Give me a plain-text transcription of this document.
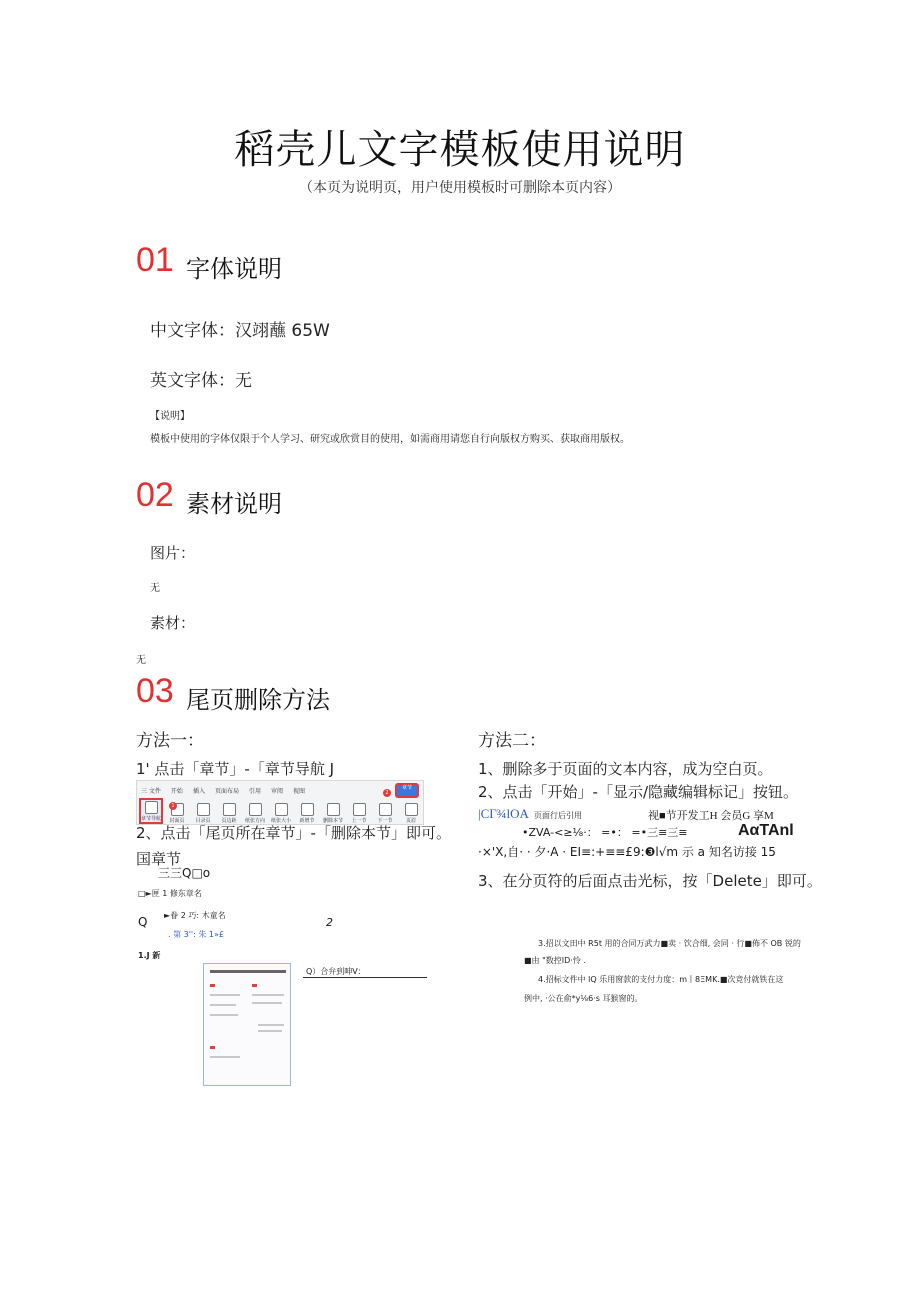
稻壳儿文字模板使用说明
（本页为说明页，用户使用模板时可删除本页内容）
01 字体说明
中文字体：汉翊蘸 65W
英文字体：无
【说明】
模板中使用的字体仅限于个人学习、研究或欣赏目的使用，如需商用请您自行向版权方购买、获取商用版权。
02 素材说明
图片：
无
素材：
无
03 尾页删除方法
方法一：
1' 点击「章节」-「章节导航 J
三 文件 开始 插入 页面布局 引用 审阅 视图	章节
章节导航 封面页 目录页 页边距 纸张方向 纸张大小 新增节 删除本节 上一节 下一节	页眉
1
2
2、点击「尾页所在章节」-「删除本节」即可。
国章节
三三Q□o
□►匣 1 修东章名
►眷 2 巧: 木童名
Q
. 第 3'': 朱 1»£
2
1.J 新
Q）合弁到呻V：
方法二：
1、删除多于页面的文本内容，成为空白页。
2、点击「开始」-「显示/隐藏编辑标记」按钮。
|CΓ¾lOA 页面行后引用	视■节开发工H 会员G 享M
•ZVA-<≥⅛·： =•： =•三≡三≡	AαTAnl
·×'X,自· · 夕·A · EI≡:+≡≡£9:❸l√m 示 a 知名访接 15
3、在分页符的后面点击光标，按「Delete」即可。
3.招以文田中 R5t 用的合同万武力■卖 · 饮合细, 会同 · 行■佈不 OB 锐的
■由 "数控ID·怜 .
4.招标文件中 lQ 乐用窗款的支付力度：m丨8ΞMK.■次竞付就铁在这
例中, ·公在俞*y⅛6·s 耳猴窗的。
